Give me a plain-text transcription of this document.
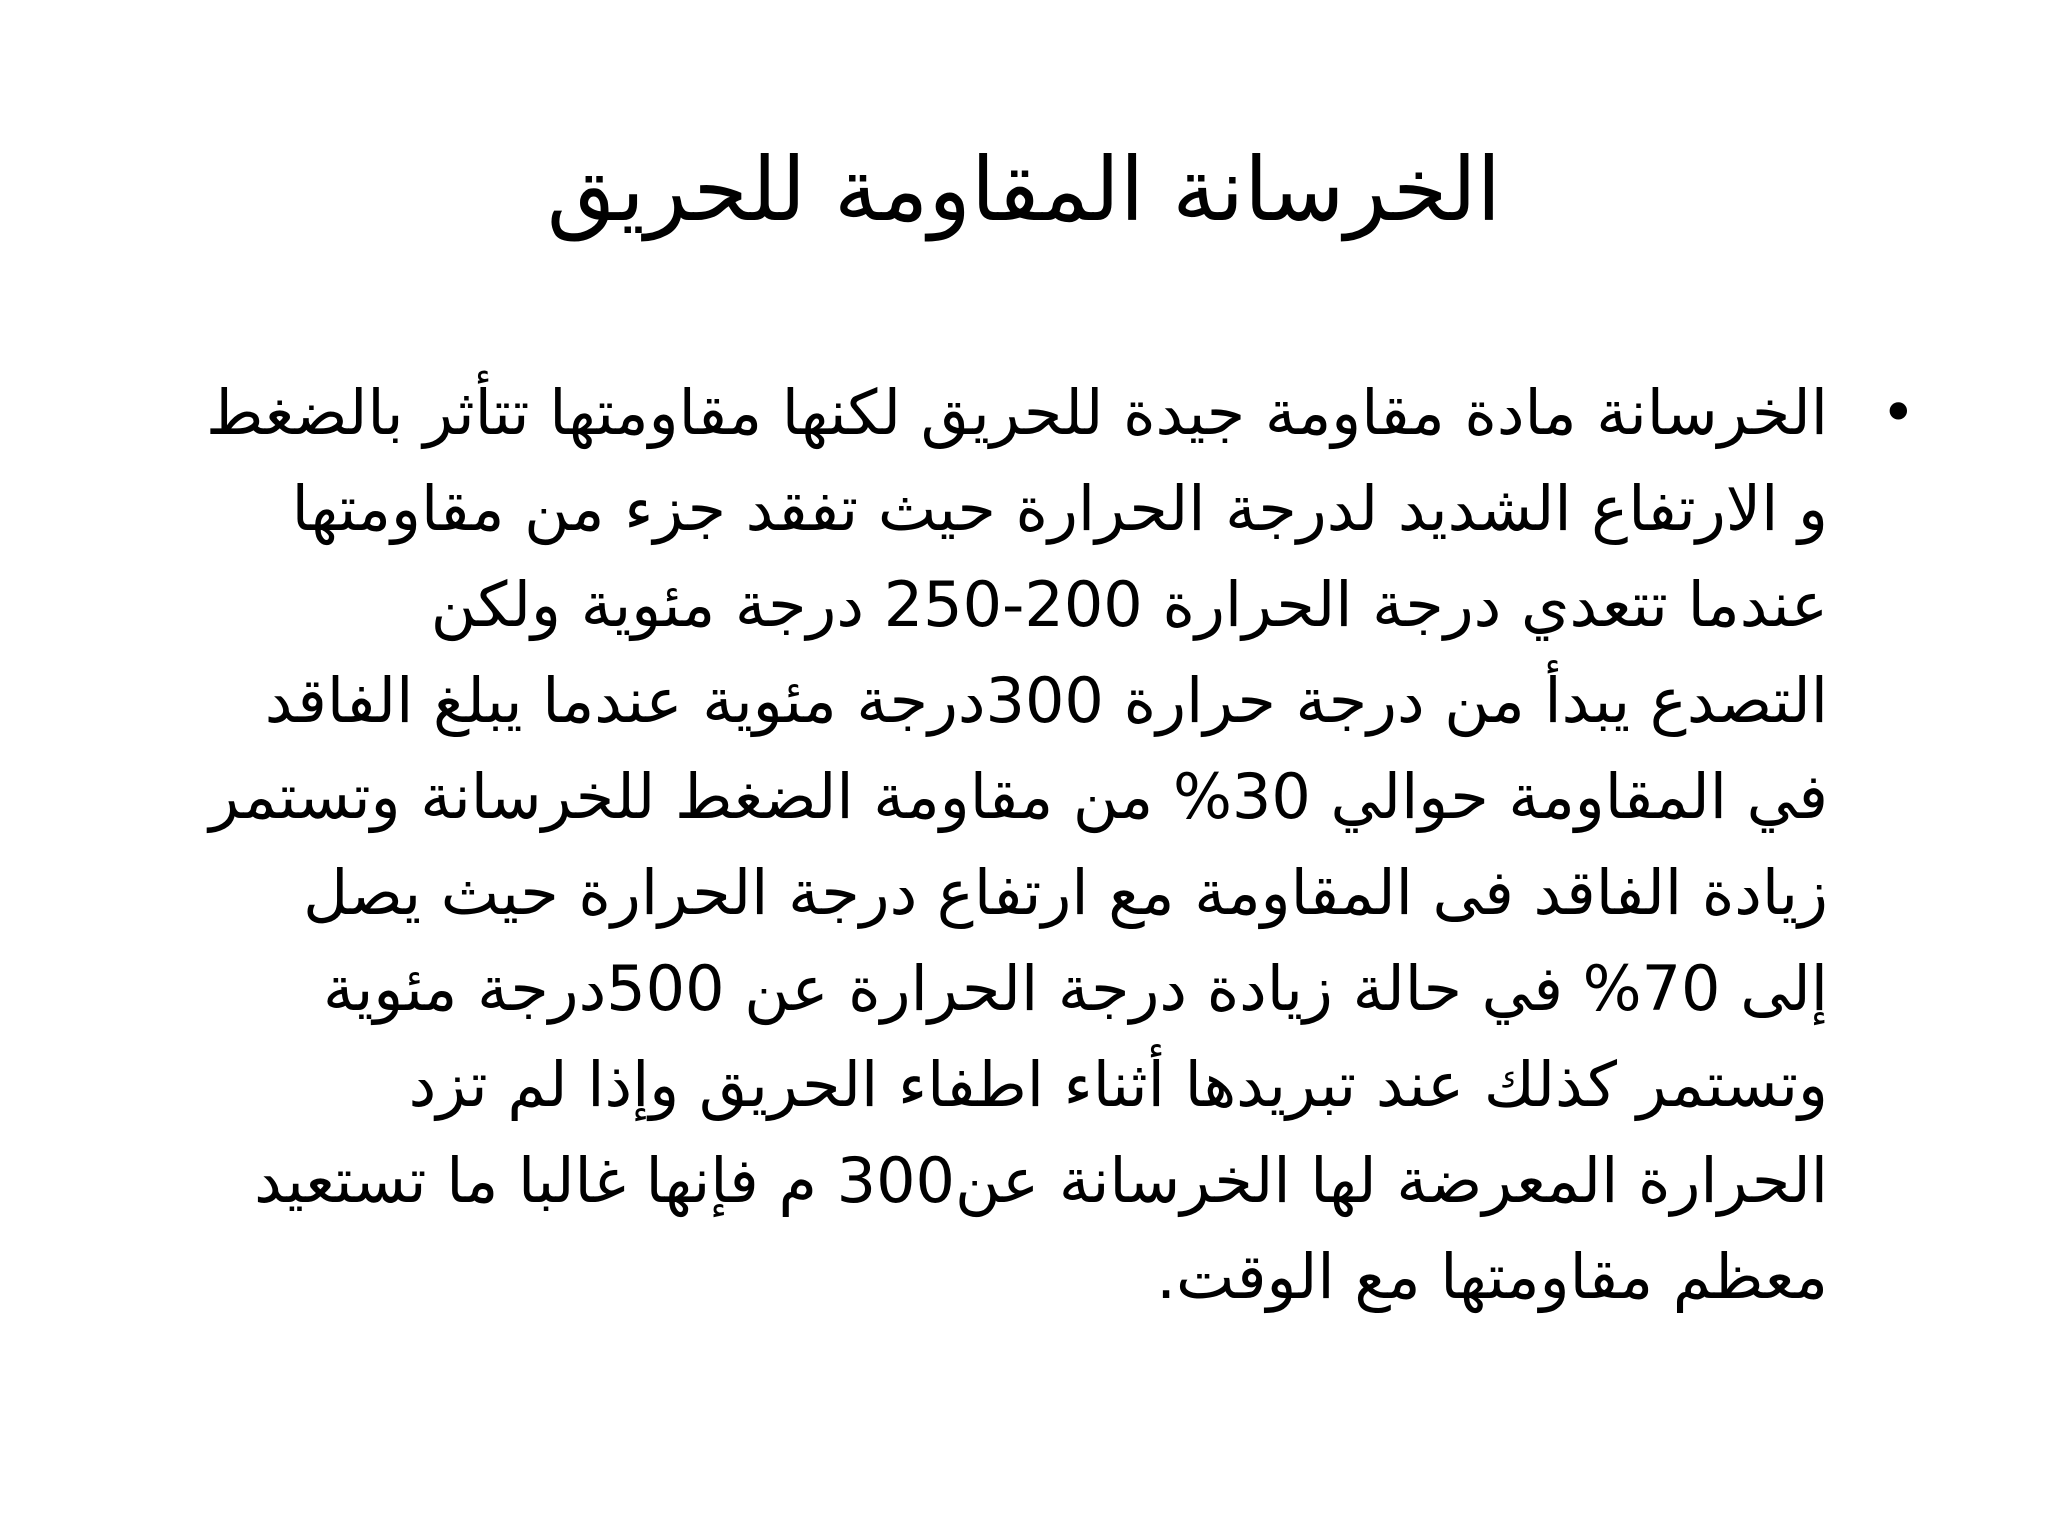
الخرسانة المقاومة للحريق
•
الخرسانة مادة مقاومة جيدة للحريق لكنها مقاومتها تتأثر بالضغط
و الارتفاع الشديد لدرجة الحرارة حيث تفقد جزء من مقاومتها
عندما تتعدي درجة الحرارة 200-250 درجة مئوية ولكن
التصدع يبدأ من درجة حرارة 300درجة مئوية عندما يبلغ الفاقد
في المقاومة حوالي 30% من مقاومة الضغط للخرسانة وتستمر
زيادة الفاقد فى المقاومة مع ارتفاع درجة الحرارة حيث يصل
إلى 70% في حالة زيادة درجة الحرارة عن 500درجة مئوية
وتستمر كذلك عند تبريدها أثناء اطفاء الحريق وإذا لم تزد
الحرارة المعرضة لها الخرسانة عن300 م فإنها غالبا ما تستعيد
معظم مقاومتها مع الوقت.
